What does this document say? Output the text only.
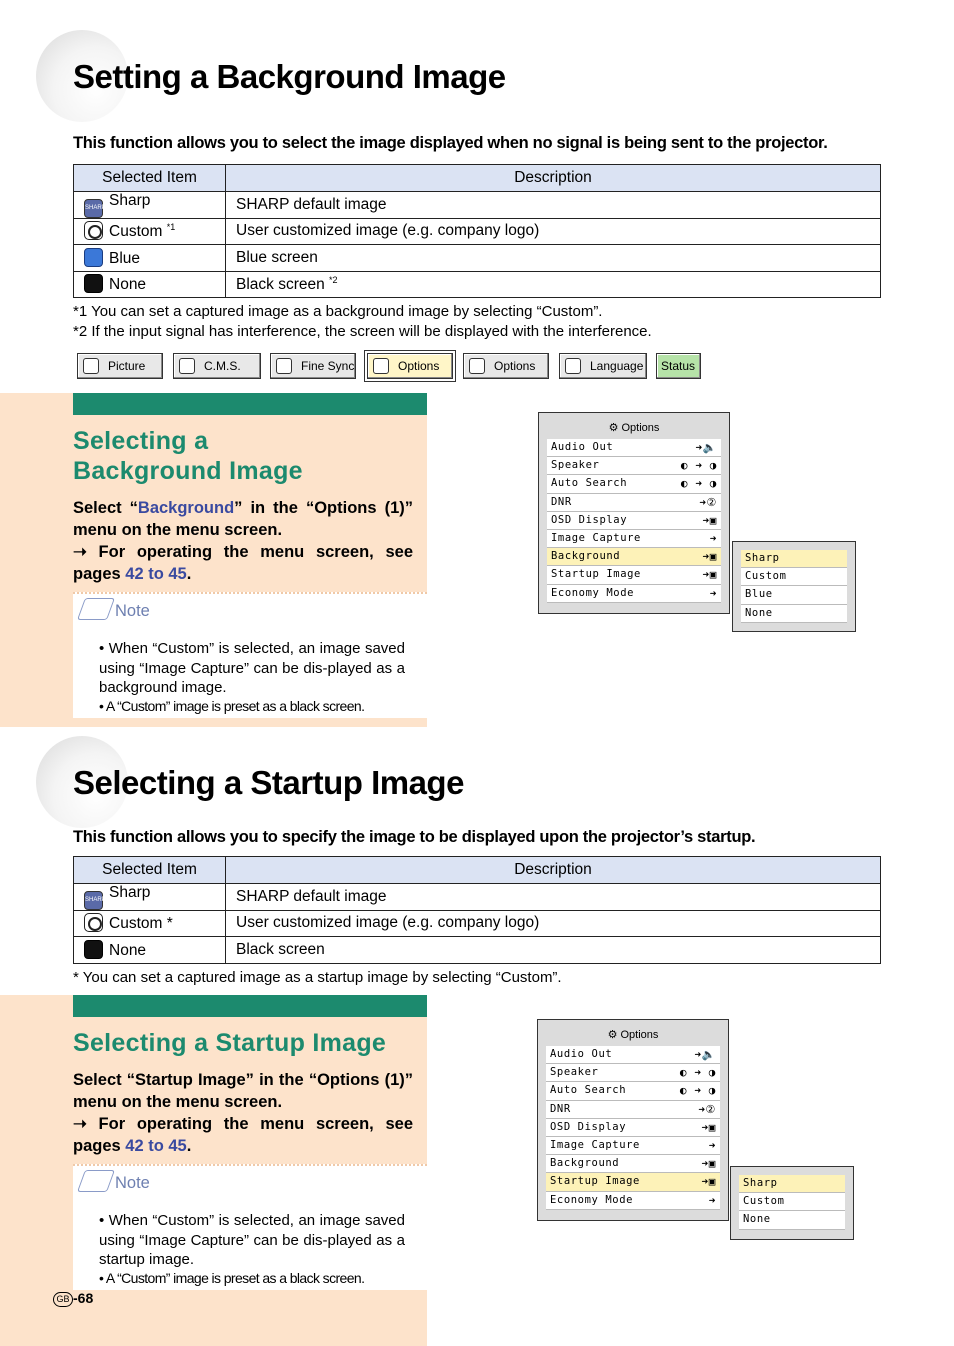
Setting a Background Image
This function allows you to select the image displayed when no signal is being sent to the projector.
Selected Item	Description
SHARP Sharp	SHARP default image
Custom $^{*1}$	User customized image (e.g. company logo)
Blue	Blue screen
None	Black screen $^{*2}$
*1 You can set a captured image as a background image by selecting “Custom”.
*2 If the input signal has interference, the screen will be displayed with the interference.
Picture	C.M.S.	Fine Sync	Options	Options	Language	Status
Selecting a
Background Image
Select “Background” in the “Options (1)” menu on the menu screen.
➝ For operating the menu screen, see pages 42 to 45.
Note
• When “Custom” is selected, an image saved using “Image Capture” can be dis-played as a background image.
• A “Custom” image is preset as a black screen.
⚙ Options
Audio Out	➜🔈
Speaker	◐ ➜ ◑
Auto Search	◐ ➜ ◑
DNR	➜②
OSD Display	➜▣
Image Capture	➜
Background	➜▣
Startup Image	➜▣
Economy Mode	➜
Sharp
Custom
Blue
None
Selecting a Startup Image
This function allows you to specify the image to be displayed upon the projector’s startup.
Selected Item	Description
SHARP Sharp	SHARP default image
Custom *	User customized image (e.g. company logo)
None	Black screen
* You can set a captured image as a startup image by selecting “Custom”.
Selecting a Startup Image
Select “Startup Image” in the “Options (1)” menu on the menu screen.
➝ For operating the menu screen, see pages 42 to 45.
Note
• When “Custom” is selected, an image saved using “Image Capture” can be dis-played as a startup image.
• A “Custom” image is preset as a black screen.
⚙ Options
Audio Out	➜🔈
Speaker	◐ ➜ ◑
Auto Search	◐ ➜ ◑
DNR	➜②
OSD Display	➜▣
Image Capture	➜
Background	➜▣
Startup Image	➜▣
Economy Mode	➜
Sharp
Custom
None
GB -68
